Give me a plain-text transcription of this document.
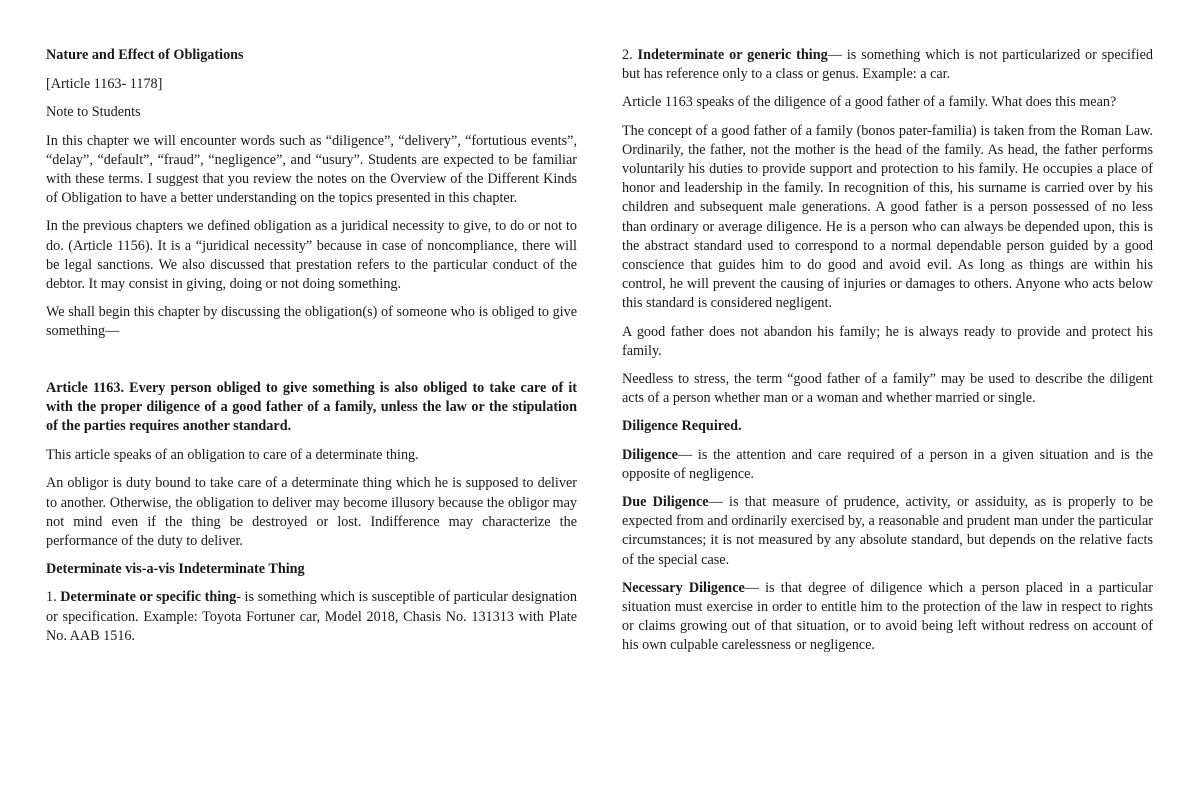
Nature and Effect of Obligations

[Article 1163- 1178]

Note to Students

In this chapter we will encounter words such as “diligence”, “delivery”, “fortutious events”, “delay”, “default”, “fraud”, “negligence”, and “usury”. Students are expected to be familiar with these terms. I suggest that you review the notes on the Overview of the Different Kinds of Obligation to have a better understanding on the topics presented in this chapter.

In the previous chapters we defined obligation as a juridical necessity to give, to do or not to do. (Article 1156). It is a “juridical necessity” because in case of noncompliance, there will be legal sanctions. We also discussed that prestation refers to the particular conduct of the debtor. It may consist in giving, doing or not doing something.

We shall begin this chapter by discussing the obligation(s) of someone who is obliged to give something—

Article 1163. Every person obliged to give something is also obliged to take care of it with the proper diligence of a good father of a family, unless the law or the stipulation of the parties requires another standard.

This article speaks of an obligation to care of a determinate thing.

An obligor is duty bound to take care of a determinate thing which he is supposed to deliver to another. Otherwise, the obligation to deliver may become illusory because the obligor may not mind even if the thing be destroyed or lost. Indifference may characterize the performance of the duty to deliver.

Determinate vis-a-vis Indeterminate Thing

1. Determinate or specific thing- is something which is susceptible of particular designation or specification. Example: Toyota Fortuner car, Model 2018, Chasis No. 131313 with Plate No. AAB 1516.

2. Indeterminate or generic thing— is something which is not particularized or specified but has reference only to a class or genus. Example: a car.

Article 1163 speaks of the diligence of a good father of a family. What does this mean?

The concept of a good father of a family (bonos pater-familia) is taken from the Roman Law. Ordinarily, the father, not the mother is the head of the family. As head, the father performs voluntarily his duties to provide support and protection to his family. He occupies a place of honor and leadership in the family. In recognition of this, his surname is carried over by his children and subsequent male generations. A good father is a person possessed of no less than ordinary or average diligence. He is a person who can always be depended upon, this is the abstract standard used to correspond to a normal dependable person guided by a good conscience that guides him to do good and avoid evil. As long as things are within his control, he will prevent the causing of injuries or damages to others. Anyone who acts below this standard is considered negligent.

A good father does not abandon his family; he is always ready to provide and protect his family.

Needless to stress, the term “good father of a family” may be used to describe the diligent acts of a person whether man or a woman and whether married or single.

Diligence Required.

Diligence— is the attention and care required of a person in a given situation and is the opposite of negligence.

Due Diligence— is that measure of prudence, activity, or assiduity, as is properly to be expected from and ordinarily exercised by, a reasonable and prudent man under the particular circumstances; it is not measured by any absolute standard, but depends on the relative facts of the special case.

Necessary Diligence— is that degree of diligence which a person placed in a particular situation must exercise in order to entitle him to the protection of the law in respect to rights or claims growing out of that situation, or to avoid being left without redress on account of his own culpable carelessness or negligence.
